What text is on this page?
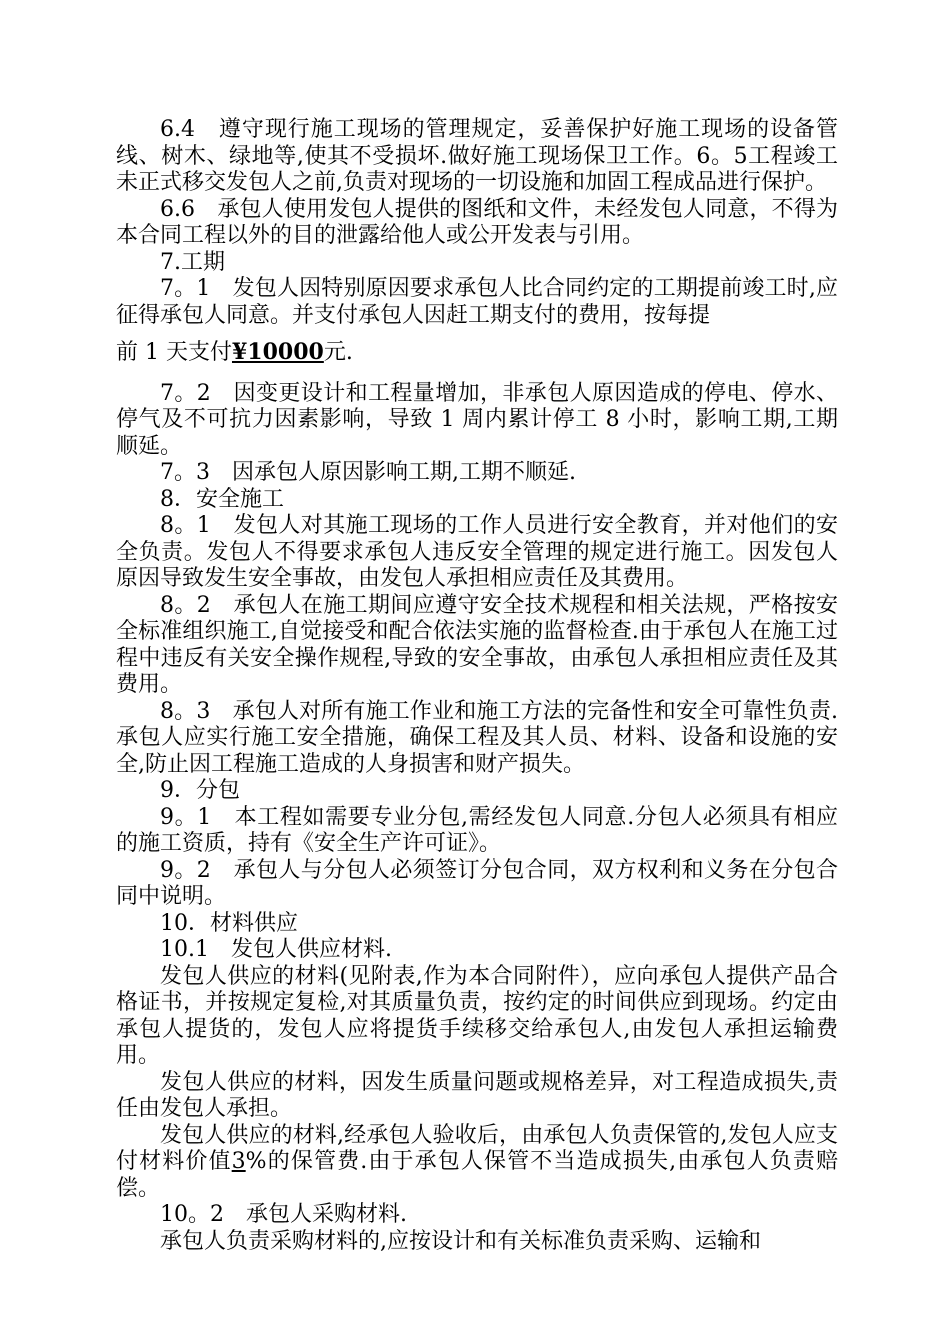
6.4　遵守现行施工现场的管理规定，妥善保护好施工现场的设备管线、树木、绿地等,使其不受损坏.做好施工现场保卫工作。6。5工程竣工未正式移交发包人之前,负责对现场的一切设施和加固工程成品进行保护。

6.6　承包人使用发包人提供的图纸和文件，未经发包人同意，不得为本合同工程以外的目的泄露给他人或公开发表与引用。

7.工期

7。1　发包人因特别原因要求承包人比合同约定的工期提前竣工时,应征得承包人同意。并支付承包人因赶工期支付的费用，按每提

前 1 天支付¥10000元.

7。2　因变更设计和工程量增加，非承包人原因造成的停电、停水、停气及不可抗力因素影响，导致 1 周内累计停工 8 小时，影响工期,工期顺延。

7。3　因承包人原因影响工期,工期不顺延.

8．安全施工

8。1　发包人对其施工现场的工作人员进行安全教育，并对他们的安全负责。发包人不得要求承包人违反安全管理的规定进行施工。因发包人原因导致发生安全事故，由发包人承担相应责任及其费用。

8。2　承包人在施工期间应遵守安全技术规程和相关法规，严格按安全标准组织施工,自觉接受和配合依法实施的监督检查.由于承包人在施工过程中违反有关安全操作规程,导致的安全事故，由承包人承担相应责任及其费用。

8。3　承包人对所有施工作业和施工方法的完备性和安全可靠性负责.承包人应实行施工安全措施，确保工程及其人员、材料、设备和设施的安全,防止因工程施工造成的人身损害和财产损失。

9．分包

9。1　本工程如需要专业分包,需经发包人同意.分包人必须具有相应的施工资质，持有《安全生产许可证》。

9。2　承包人与分包人必须签订分包合同，双方权利和义务在分包合同中说明。

10．材料供应

10.1　发包人供应材料.

发包人供应的材料(见附表,作为本合同附件），应向承包人提供产品合格证书，并按规定复检,对其质量负责，按约定的时间供应到现场。约定由承包人提货的，发包人应将提货手续移交给承包人,由发包人承担运输费用。

发包人供应的材料，因发生质量问题或规格差异，对工程造成损失,责任由发包人承担。

发包人供应的材料,经承包人验收后，由承包人负责保管的,发包人应支付材料价值3%的保管费.由于承包人保管不当造成损失,由承包人负责赔偿。

10。2　承包人采购材料.

承包人负责采购材料的,应按设计和有关标准负责采购、运输和
